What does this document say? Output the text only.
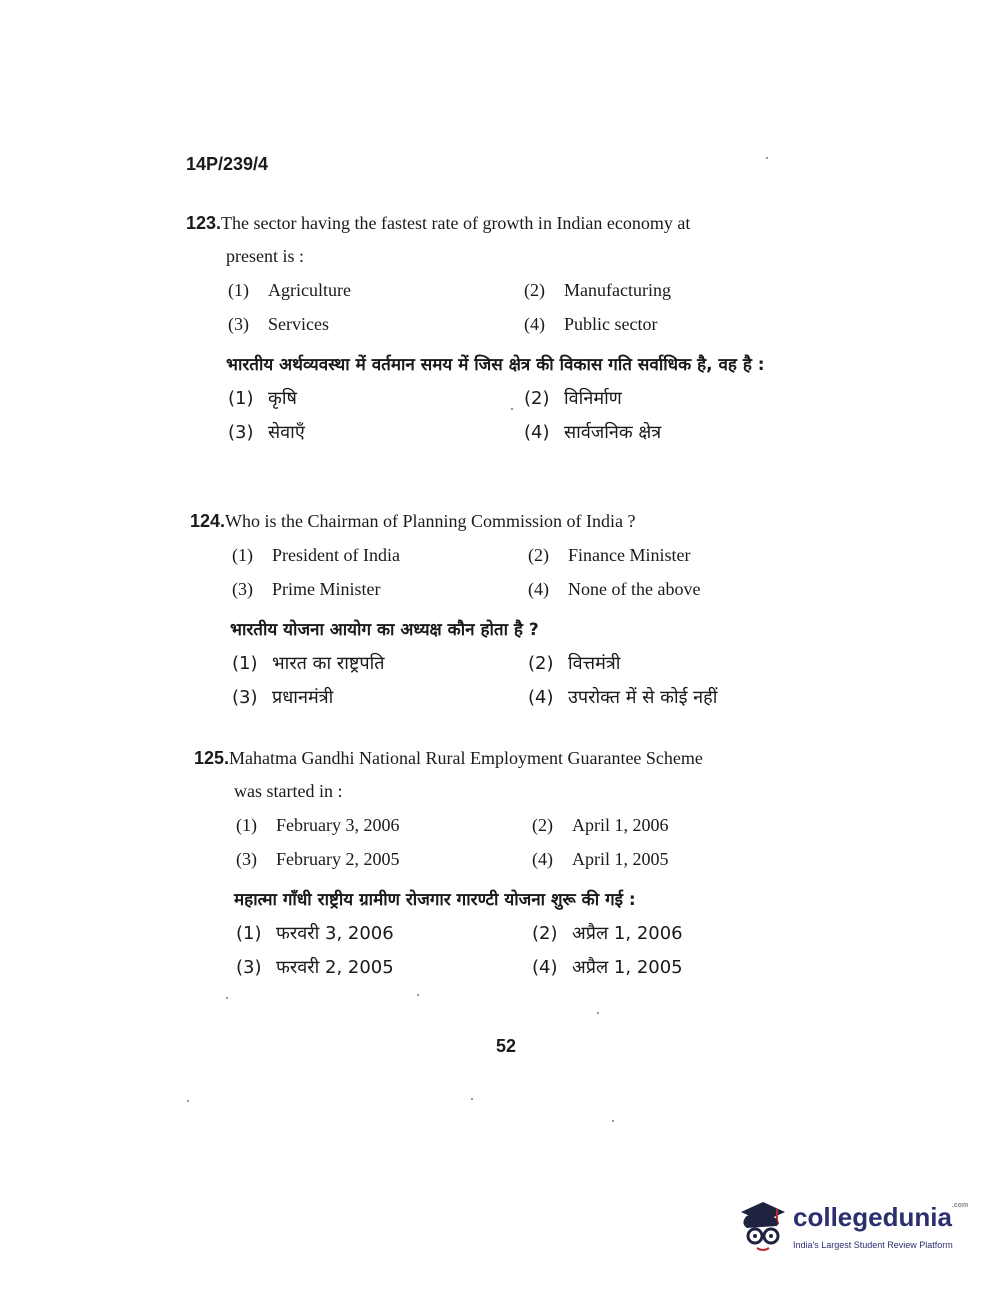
14P/239/4
123.The sector having the fastest rate of growth in Indian economy at
present is :
(1) Agriculture	(2) Manufacturing
(3) Services	(4) Public sector
भारतीय अर्थव्यवस्था में वर्तमान समय में जिस क्षेत्र की विकास गति सर्वाधिक है, वह है :
(1) कृषि	(2) विनिर्माण
(3) सेवाएँ	(4) सार्वजनिक क्षेत्र
124.Who is the Chairman of Planning Commission of India ?
(1) President of India	(2) Finance Minister
(3) Prime Minister	(4) None of the above
भारतीय योजना आयोग का अध्यक्ष कौन होता है ?
(1) भारत का राष्ट्रपति	(2) वित्तमंत्री
(3) प्रधानमंत्री	(4) उपरोक्त में से कोई नहीं
125.Mahatma Gandhi National Rural Employment Guarantee Scheme
was started in :
(1) February 3, 2006	(2) April 1, 2006
(3) February 2, 2005	(4) April 1, 2005
महात्मा गाँधी राष्ट्रीय ग्रामीण रोजगार गारण्टी योजना शुरू की गई :
(1) फरवरी 3, 2006	(2) अप्रैल 1, 2006
(3) फरवरी 2, 2005	(4) अप्रैल 1, 2005
52
collegedunia$^{.com}$
India's Largest Student Review Platform
